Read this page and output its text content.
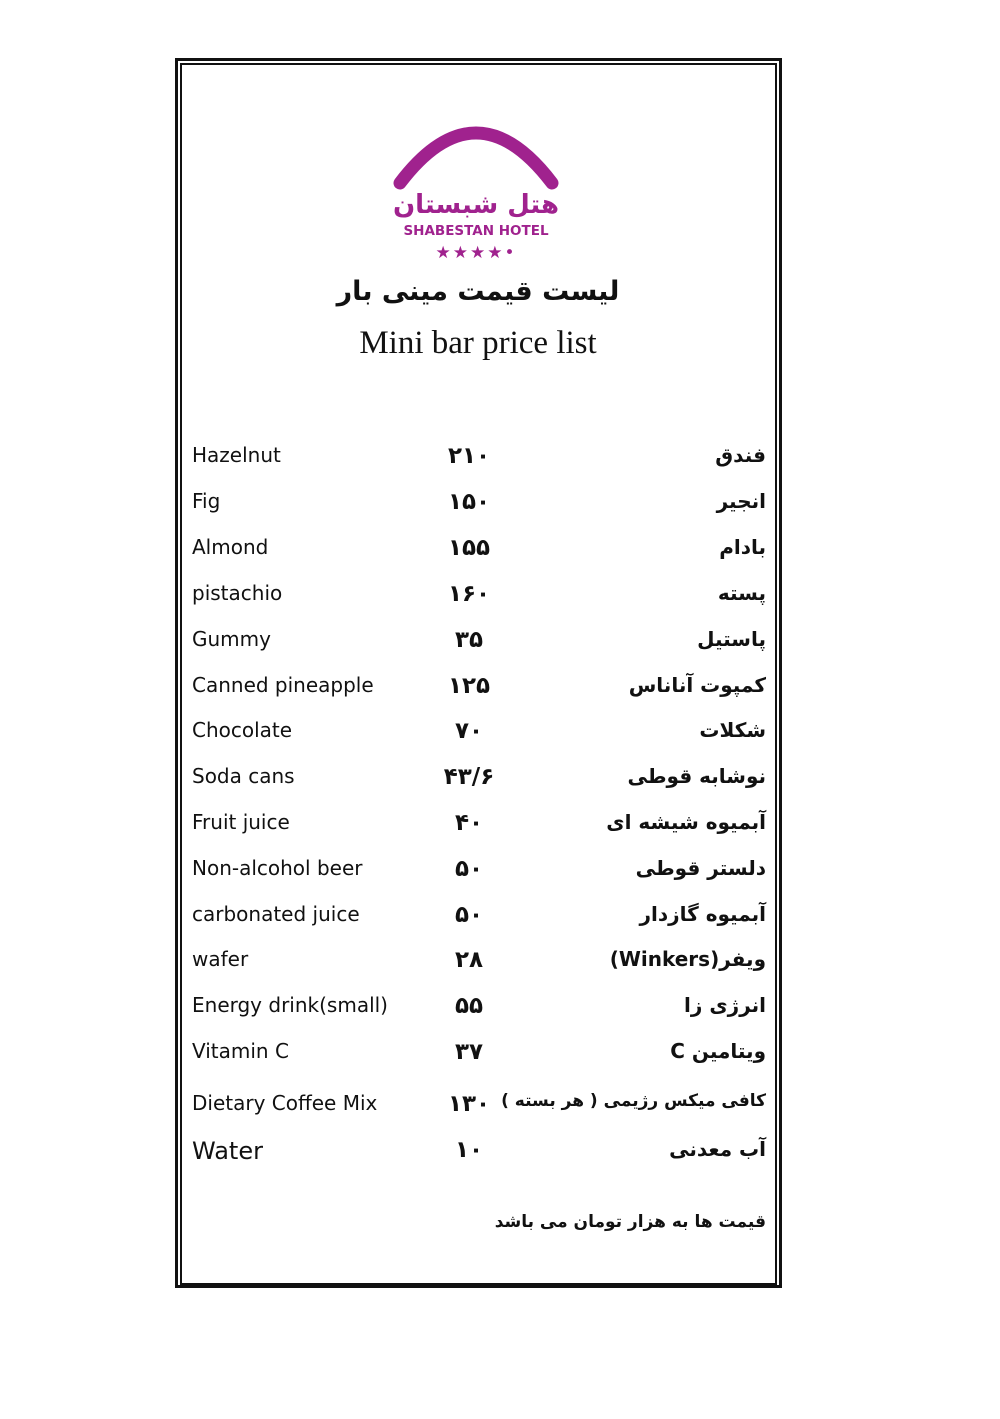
هتل شبستان
SHABESTAN HOTEL
★★★★•
لیست قیمت مینی بار
Mini bar price list
Hazelnut	۲۱۰	فندق
Fig	۱۵۰	انجیر
Almond	۱۵۵	بادام
pistachio	۱۶۰	پسته
Gummy	۳۵	پاستیل
Canned pineapple	۱۲۵	کمپوت آناناس
Chocolate	۷۰	شکلات
Soda cans	۴۳/۶	نوشابه قوطی
Fruit juice	۴۰	آبمیوه شیشه ای
Non-alcohol beer	۵۰	دلستر قوطی
carbonated juice	۵۰	آبمیوه گازدار
wafer	۲۸	ویفر(Winkers)
Energy drink(small)	۵۵	انرژی زا
Vitamin C	۳۷	ویتامین C
Dietary Coffee Mix	۱۳۰ کافی میکس رژیمی ( هر بسته )
Water	۱۰	آب معدنی
قیمت ها به هزار تومان می باشد
